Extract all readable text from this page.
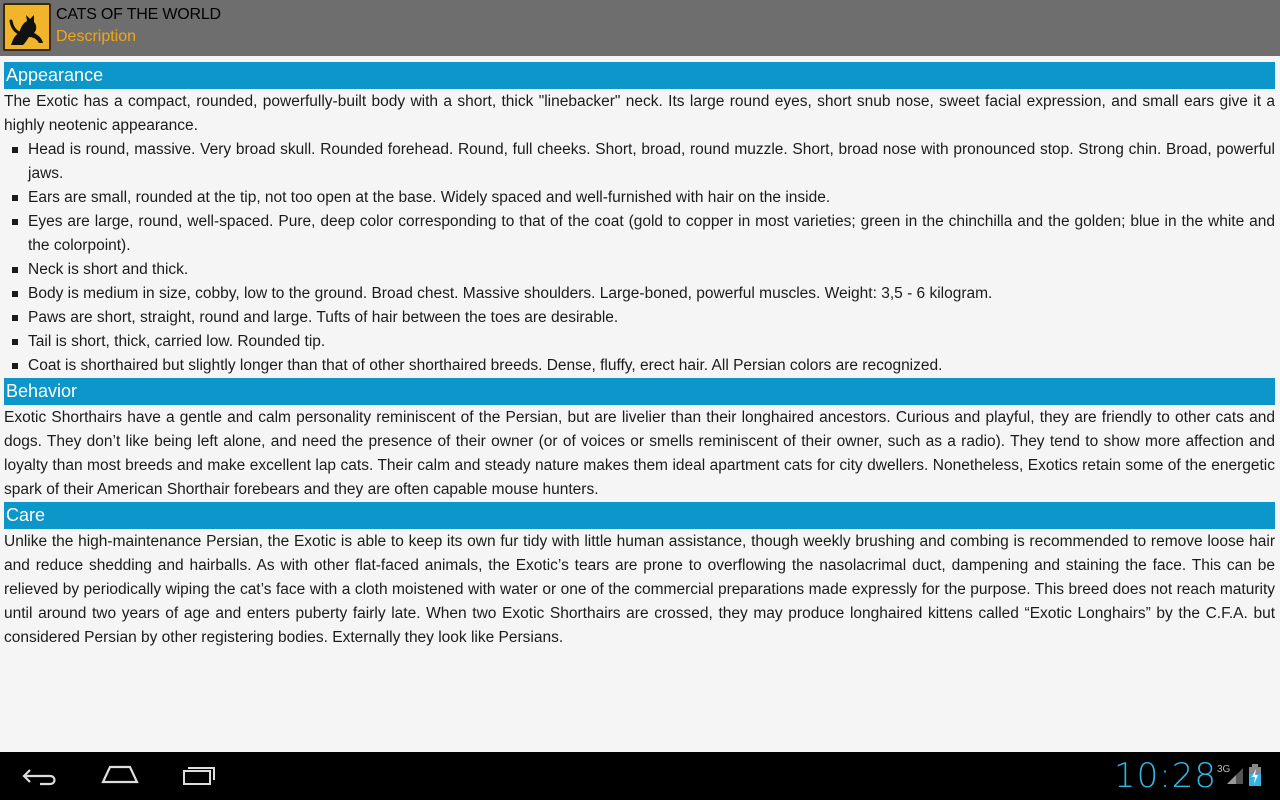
CATS OF THE WORLD
Description
Appearance

The Exotic has a compact, rounded, powerfully-built body with a short, thick "linebacker" neck. Its large round eyes, short snub nose, sweet facial expression, and small ears give it a highly neotenic appearance.

Head is round, massive. Very broad skull. Rounded forehead. Round, full cheeks. Short, broad, round muzzle. Short, broad nose with pronounced stop. Strong chin. Broad, powerful jaws.
Ears are small, rounded at the tip, not too open at the base. Widely spaced and well-furnished with hair on the inside.
Eyes are large, round, well-spaced. Pure, deep color corresponding to that of the coat (gold to copper in most varieties; green in the chinchilla and the golden; blue in the white and the colorpoint).
Neck is short and thick.
Body is medium in size, cobby, low to the ground. Broad chest. Massive shoulders. Large-boned, powerful muscles. Weight: 3,5 - 6 kilogram.
Paws are short, straight, round and large. Tufts of hair between the toes are desirable.
Tail is short, thick, carried low. Rounded tip.
Coat is shorthaired but slightly longer than that of other shorthaired breeds. Dense, fluffy, erect hair. All Persian colors are recognized.
Behavior

Exotic Shorthairs have a gentle and calm personality reminiscent of the Persian, but are livelier than their longhaired ancestors. Curious and playful, they are friendly to other cats and dogs. They don’t like being left alone, and need the presence of their owner (or of voices or smells reminiscent of their owner, such as a radio). They tend to show more affection and loyalty than most breeds and make excellent lap cats. Their calm and steady nature makes them ideal apartment cats for city dwellers. Nonetheless, Exotics retain some of the energetic spark of their American Shorthair forebears and they are often capable mouse hunters.

Care

Unlike the high-maintenance Persian, the Exotic is able to keep its own fur tidy with little human assistance, though weekly brushing and combing is recommended to remove loose hair and reduce shedding and hairballs. As with other flat-faced animals, the Exotic’s tears are prone to overflowing the nasolacrimal duct, dampening and staining the face. This can be relieved by periodically wiping the cat’s face with a cloth moistened with water or one of the commercial preparations made expressly for the purpose. This breed does not reach maturity until around two years of age and enters puberty fairly late. When two Exotic Shorthairs are crossed, they may produce longhaired kittens called “Exotic Longhairs” by the C.F.A. but considered Persian by other registering bodies. Externally they look like Persians.

10:28 3G
